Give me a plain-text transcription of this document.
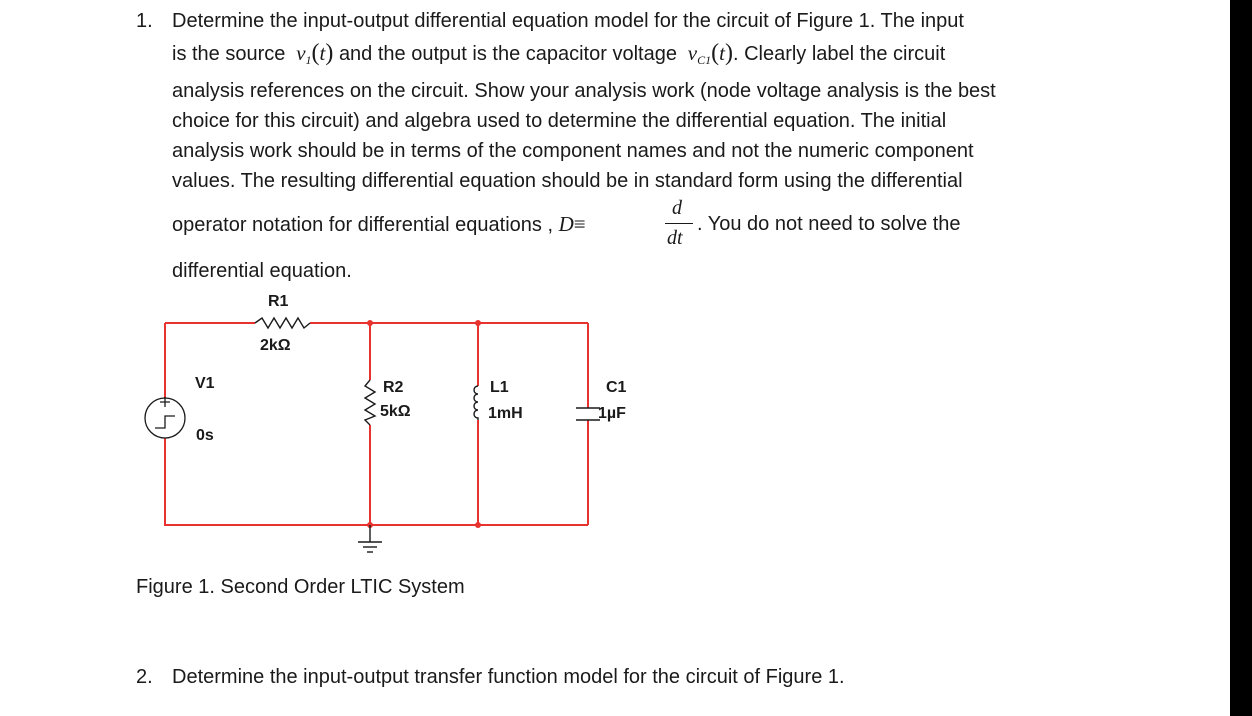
1. Determine the input-output differential equation model for the circuit of Figure 1. The input
is the source $v_1(t)$ and the output is the capacitor voltage $v_{C1}(t)$. Clearly label the circuit
analysis references on the circuit. Show your analysis work (node voltage analysis is the best
choice for this circuit) and algebra used to determine the differential equation. The initial
analysis work should be in terms of the component names and not the numeric component
values. The resulting differential equation should be in standard form using the differential
operator notation for differential equations , D≡
d
dt
. You do not need to solve the
differential equation.
R1
2kΩ
V1
0s
R2
5kΩ
L1
1mH
C1
1µF
Figure 1. Second Order LTIC System
2. Determine the input-output transfer function model for the circuit of Figure 1.
